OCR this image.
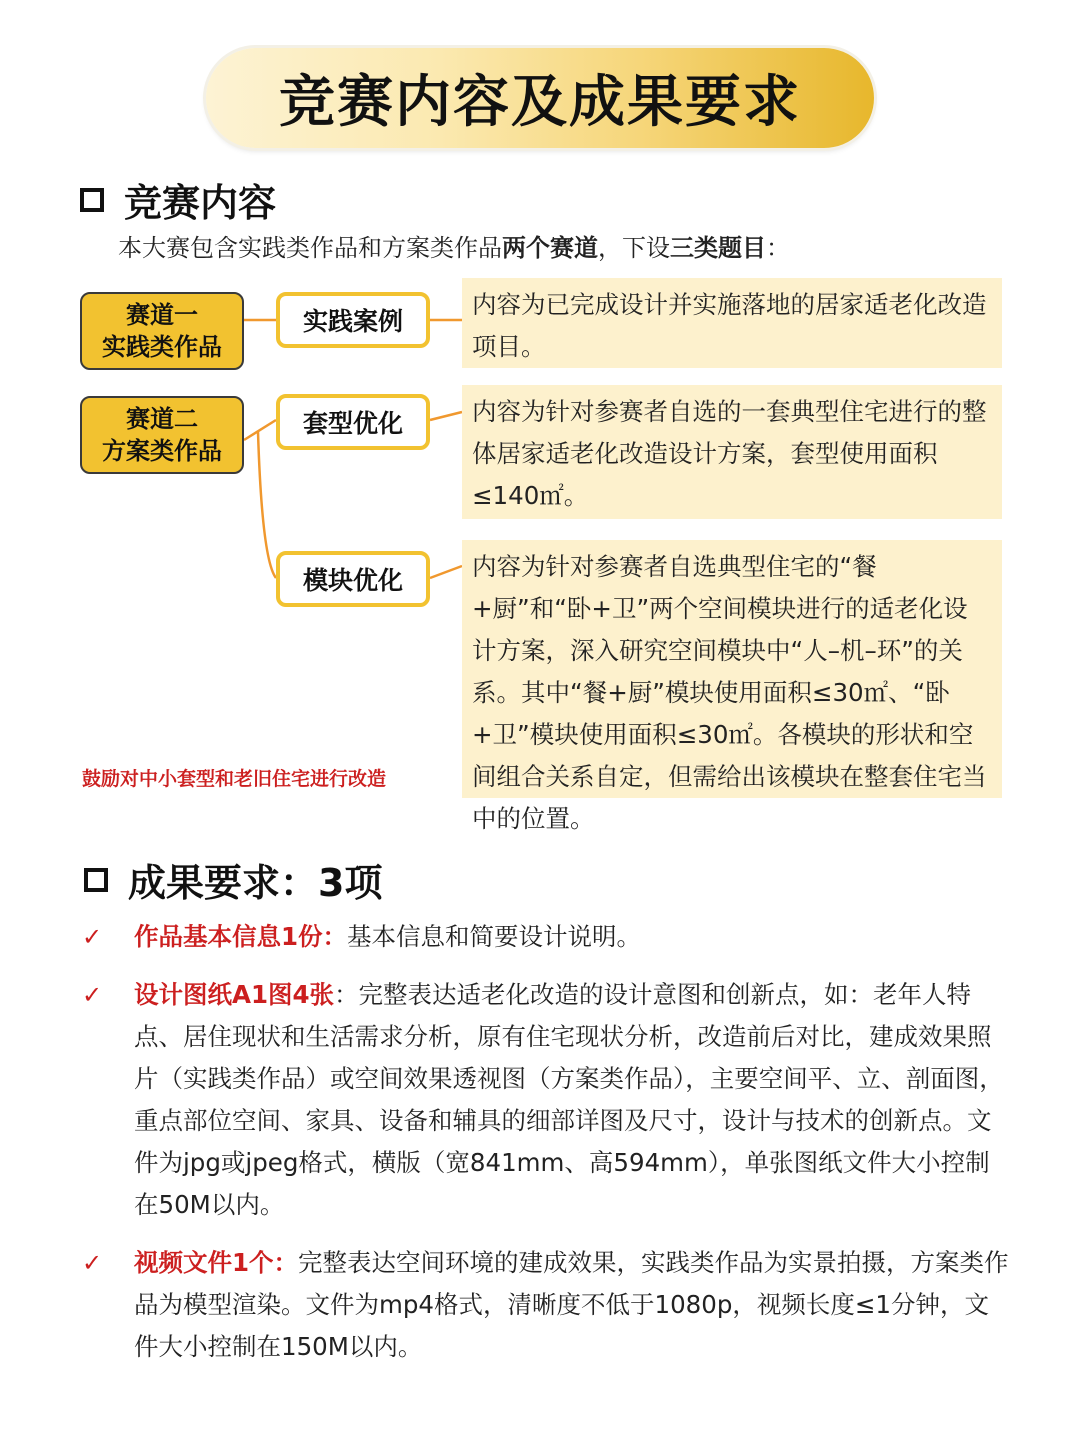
竞赛内容及成果要求
竞赛内容
本大赛包含实践类作品和方案类作品两个赛道，下设三类题目：
赛道一
实践类作品
赛道二
方案类作品
实践案例
套型优化
模块优化
内容为已完成设计并实施落地的居家适老化改造项目。
内容为针对参赛者自选的一套典型住宅进行的整体居家适老化改造设计方案，套型使用面积≤140㎡。
内容为针对参赛者自选典型住宅的“餐+厨”和“卧+卫”两个空间模块进行的适老化设计方案，深入研究空间模块中“人–机–环”的关系。其中“餐+厨”模块使用面积≤30㎡、“卧+卫”模块使用面积≤30㎡。各模块的形状和空间组合关系自定，但需给出该模块在整套住宅当中的位置。
鼓励对中小套型和老旧住宅进行改造
成果要求：3项
✓	作品基本信息1份：基本信息和简要设计说明。
✓	设计图纸A1图4张：完整表达适老化改造的设计意图和创新点，如：老年人特点、居住现状和生活需求分析，原有住宅现状分析，改造前后对比，建成效果照片（实践类作品）或空间效果透视图（方案类作品），主要空间平、立、剖面图，重点部位空间、家具、设备和辅具的细部详图及尺寸，设计与技术的创新点。文件为jpg或jpeg格式，横版（宽841mm、高594mm），单张图纸文件大小控制在50M以内。
✓	视频文件1个：完整表达空间环境的建成效果，实践类作品为实景拍摄，方案类作品为模型渲染。文件为mp4格式，清晰度不低于1080p，视频长度≤1分钟，文件大小控制在150M以内。
